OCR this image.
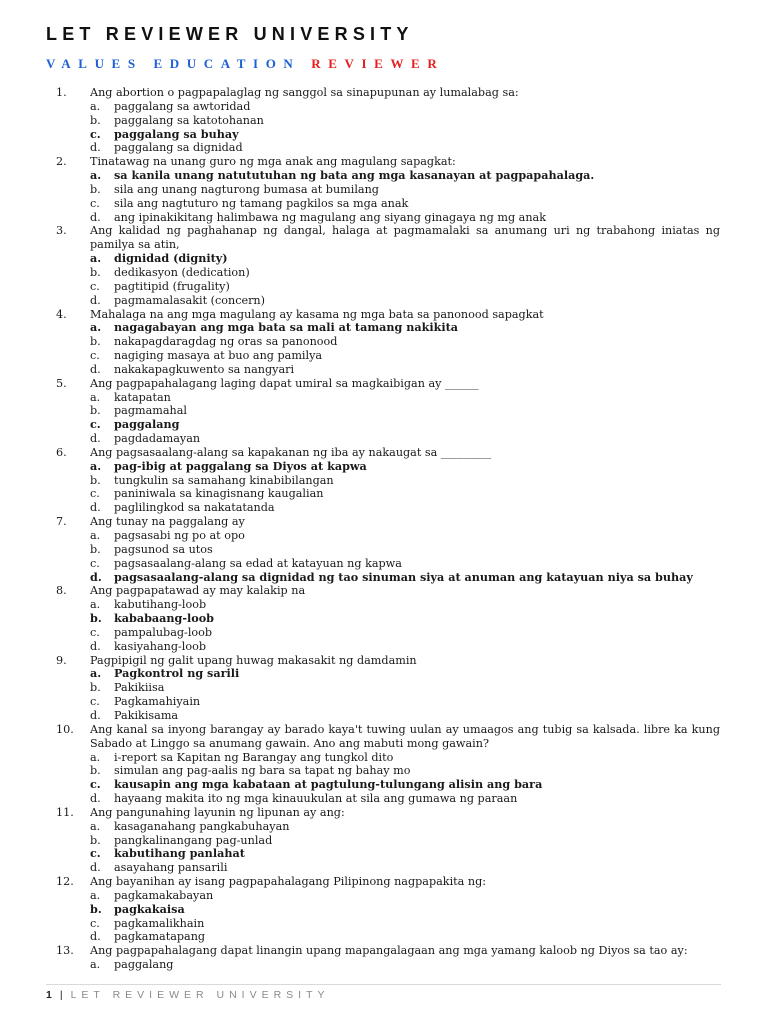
LET REVIEWER UNIVERSITY
VALUES EDUCATION REVIEWER
1.	Ang abortion o pagpapalaglag ng sanggol sa sinapupunan ay lumalabag sa:
a.	paggalang sa awtoridad
b.	paggalang sa katotohanan
c.	paggalang sa buhay
d.	paggalang sa dignidad
2.	Tinatawag na unang guro ng mga anak ang magulang sapagkat:
a.	sa kanila unang natututuhan ng bata ang mga kasanayan at pagpapahalaga.
b.	sila ang unang nagturong bumasa at bumilang
c.	sila ang nagtuturo ng tamang pagkilos sa mga anak
d.	ang ipinakikitang halimbawa ng magulang ang siyang ginagaya ng mg anak
3.	Ang kalidad ng paghahanap ng dangal, halaga at pagmamalaki sa anumang uri ng trabahong iniatas ng pamilya sa atin,
a.	dignidad (dignity)
b.	dedikasyon (dedication)
c.	pagtitipid (frugality)
d.	pagmamalasakit (concern)
4.	Mahalaga na ang mga magulang ay kasama ng mga bata sa panonood sapagkat
a.	nagagabayan ang mga bata sa mali at tamang nakikita
b.	nakapagdaragdag ng oras sa panonood
c.	nagiging masaya at buo ang pamilya
d.	nakakapagkuwento sa nangyari
5.	Ang pagpapahalagang laging dapat umiral sa magkaibigan ay ______
a.	katapatan
b.	pagmamahal
c.	paggalang
d.	pagdadamayan
6.	Ang pagsasaalang-alang sa kapakanan ng iba ay nakaugat sa _________
a.	pag-ibig at paggalang sa Diyos at kapwa
b.	tungkulin sa samahang kinabibilangan
c.	paniniwala sa kinagisnang kaugalian
d.	paglilingkod sa nakatatanda
7.	Ang tunay na paggalang ay
a.	pagsasabi ng po at opo
b.	pagsunod sa utos
c.	pagsasaalang-alang sa edad at katayuan ng kapwa
d.	pagsasaalang-alang sa dignidad ng tao sinuman siya at anuman ang katayuan niya sa buhay
8.	Ang pagpapatawad ay may kalakip na
a.	kabutihang-loob
b.	kababaang-loob
c.	pampalubag-loob
d.	kasiyahang-loob
9.	Pagpipigil ng galit upang huwag makasakit ng damdamin
a.	Pagkontrol ng sarili
b.	Pakikiisa
c.	Pagkamahiyain
d.	Pakikisama
10.	Ang kanal sa inyong barangay ay barado kaya't tuwing uulan ay umaagos ang tubig sa kalsada. libre ka kung Sabado at Linggo sa anumang gawain. Ano ang mabuti mong gawain?
a.	i-report sa Kapitan ng Barangay ang tungkol dito
b.	simulan ang pag-aalis ng bara sa tapat ng bahay mo
c.	kausapin ang mga kabataan at pagtulung-tulungang alisin ang bara
d.	hayaang makita ito ng mga kinauukulan at sila ang gumawa ng paraan
11.	Ang pangunahing layunin ng lipunan ay ang:
a.	kasaganahang pangkabuhayan
b.	pangkalinangang pag-unlad
c.	kabutihang panlahat
d.	asayahang pansarili
12.	Ang bayanihan ay isang pagpapahalagang Pilipinong nagpapakita ng:
a.	pagkamakabayan
b.	pagkakaisa
c.	pagkamalikhain
d.	pagkamatapang
13.	Ang pagpapahalagang dapat linangin upang mapangalagaan ang mga yamang kaloob ng Diyos sa tao ay:
a.	paggalang
1 | LET REVIEWER UNIVERSITY
